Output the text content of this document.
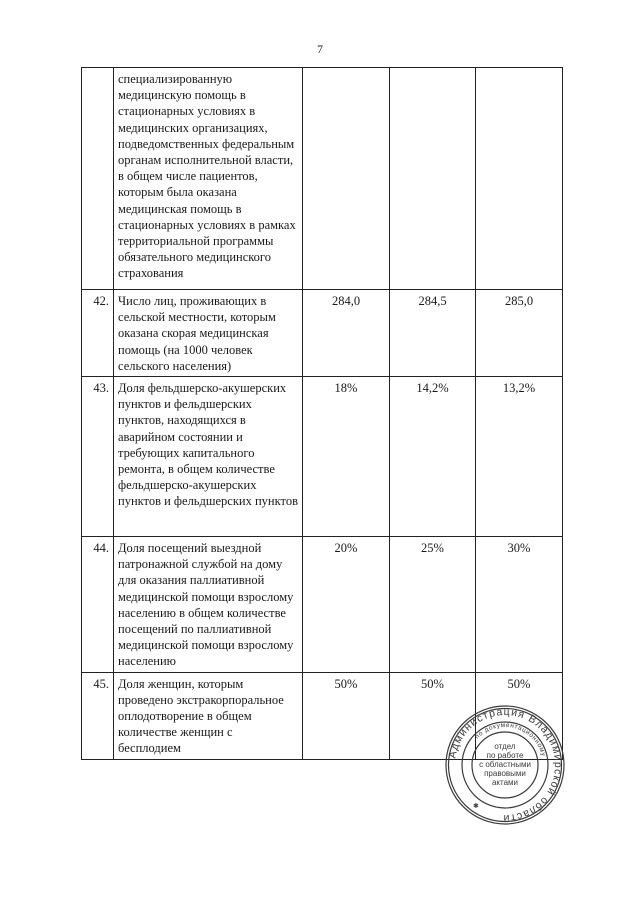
7
	специализированную медицинскую помощь в стационарных условиях в медицинских организациях, подведомственных федеральным органам исполнительной власти, в общем числе пациентов, которым была оказана медицинская помощь в стационарных условиях в рамках территориальной программы обязательного медицинского страхования			
42.	Число лиц, проживающих в сельской местности, которым оказана скорая медицинская помощь (на 1000 человек сельского населения)	284,0	284,5	285,0
43.	Доля фельдшерско-акушерских пунктов и фельдшерских пунктов, находящихся в аварийном состоянии и требующих капитального ремонта, в общем количестве фельдшерско-акушерских пунктов и фельдшерских пунктов	18%	14,2%	13,2%
44.	Доля посещений выездной патронажной службой на дому для оказания паллиативной медицинской помощи взрослому населению в общем количестве посещений по паллиативной медицинской помощи взрослому населению	20%	25%	30%
45.	Доля женщин, которым проведено экстракорпоральное оплодотворение в общем количестве женщин с бесплодием	50%	50%	50%
Администрация Владимирской области
по документационному
отдел
по работе
с областными
правовыми
актами
✱
